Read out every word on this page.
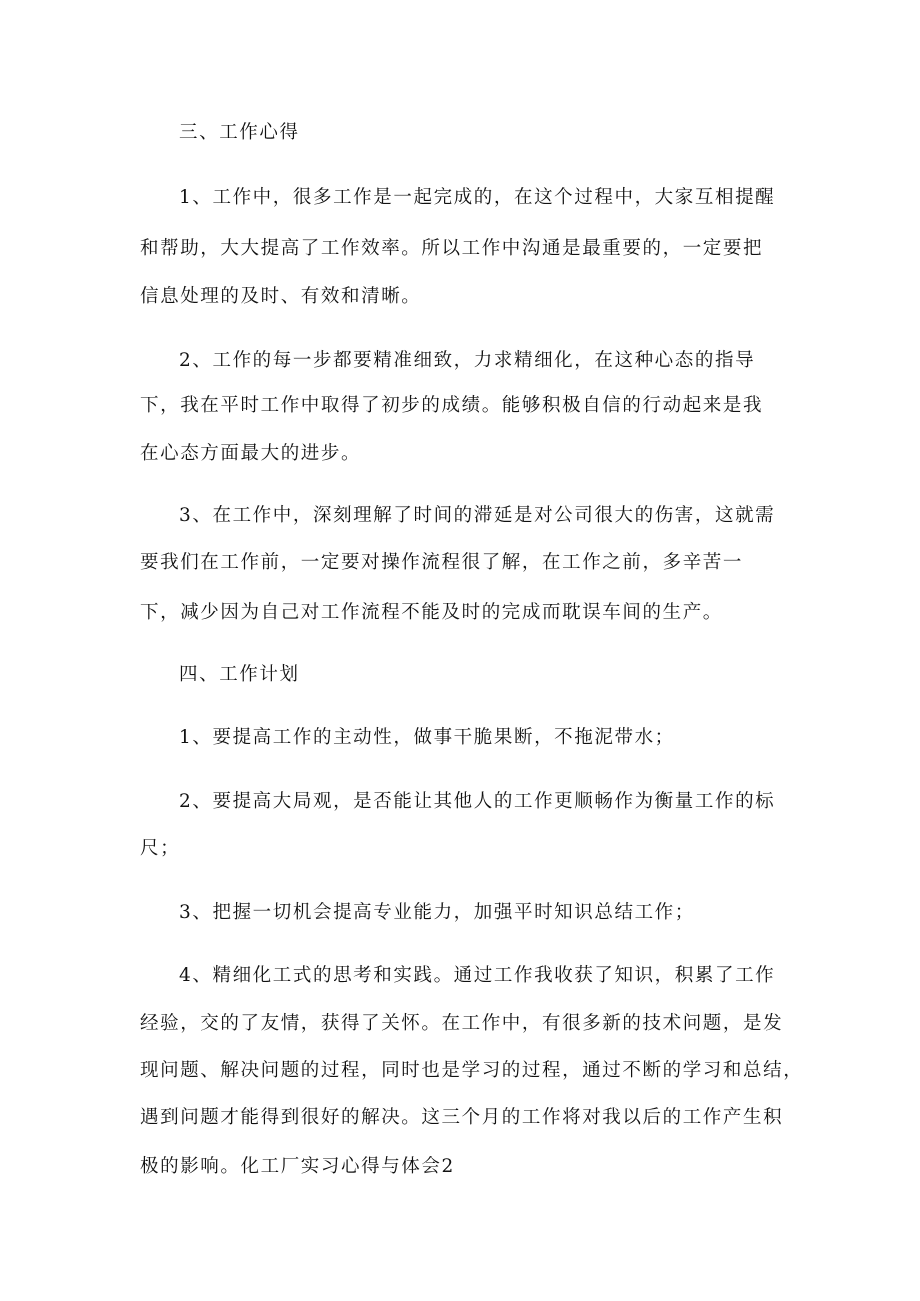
三、工作心得
1、工作中，很多工作是一起完成的，在这个过程中，大家互相提醒
和帮助，大大提高了工作效率。所以工作中沟通是最重要的，一定要把
信息处理的及时、有效和清晰。
2、工作的每一步都要精准细致，力求精细化，在这种心态的指导
下，我在平时工作中取得了初步的成绩。能够积极自信的行动起来是我
在心态方面最大的进步。
3、在工作中，深刻理解了时间的滞延是对公司很大的伤害，这就需
要我们在工作前，一定要对操作流程很了解，在工作之前，多辛苦一
下，减少因为自己对工作流程不能及时的完成而耽误车间的生产。
四、工作计划
1、要提高工作的主动性，做事干脆果断，不拖泥带水；
2、要提高大局观，是否能让其他人的工作更顺畅作为衡量工作的标
尺；
3、把握一切机会提高专业能力，加强平时知识总结工作；
4、精细化工式的思考和实践。通过工作我收获了知识，积累了工作
经验，交的了友情，获得了关怀。在工作中，有很多新的技术问题，是发
现问题、解决问题的过程，同时也是学习的过程，通过不断的学习和总结，
遇到问题才能得到很好的解决。这三个月的工作将对我以后的工作产生积
极的影响。化工厂实习心得与体会2
